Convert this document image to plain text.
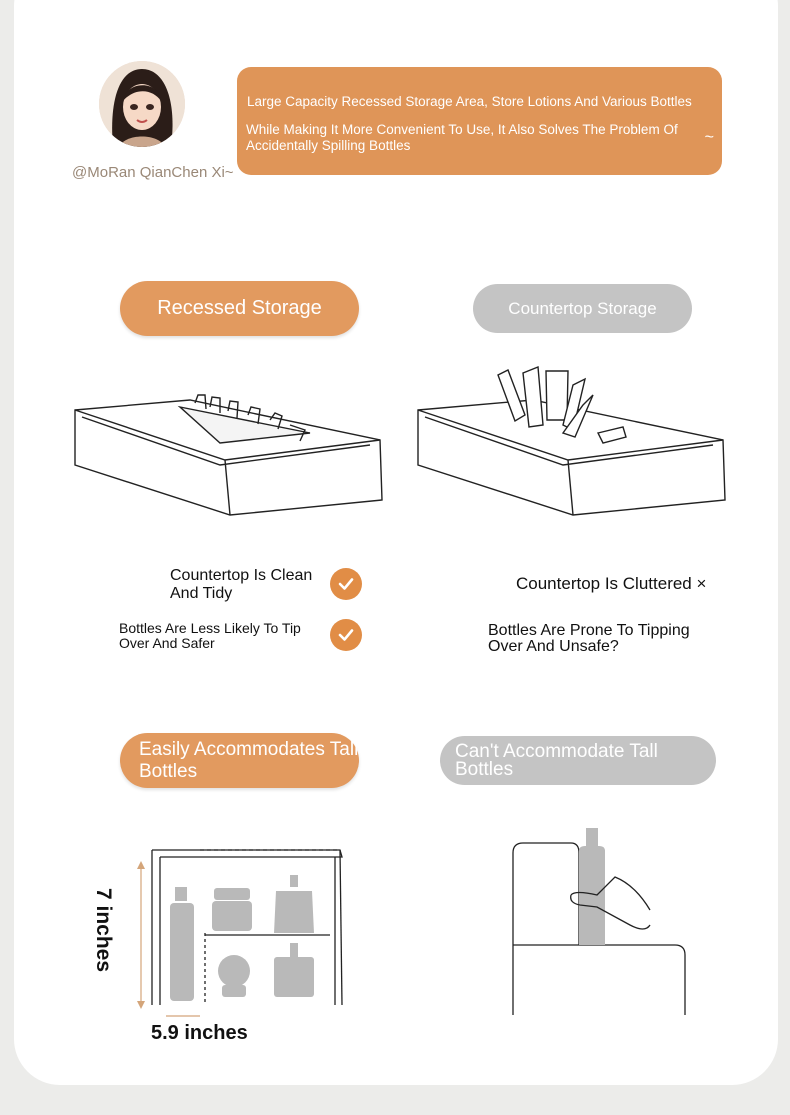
@MoRan QianChen Xi~
Large Capacity Recessed Storage Area, Store Lotions And Various Bottles
While Making It More Convenient To Use, It Also Solves The Problem Of Accidentally Spilling Bottles	~
Recessed Storage	Countertop Storage
Countertop Is Clean And Tidy
Bottles Are Less Likely To Tip Over And Safer
Countertop Is Cluttered ×
Bottles Are Prone To Tipping Over And Unsafe?
Easily Accommodates Tall Bottles
Can't Accommodate Tall Bottles
7 inches
5.9 inches
